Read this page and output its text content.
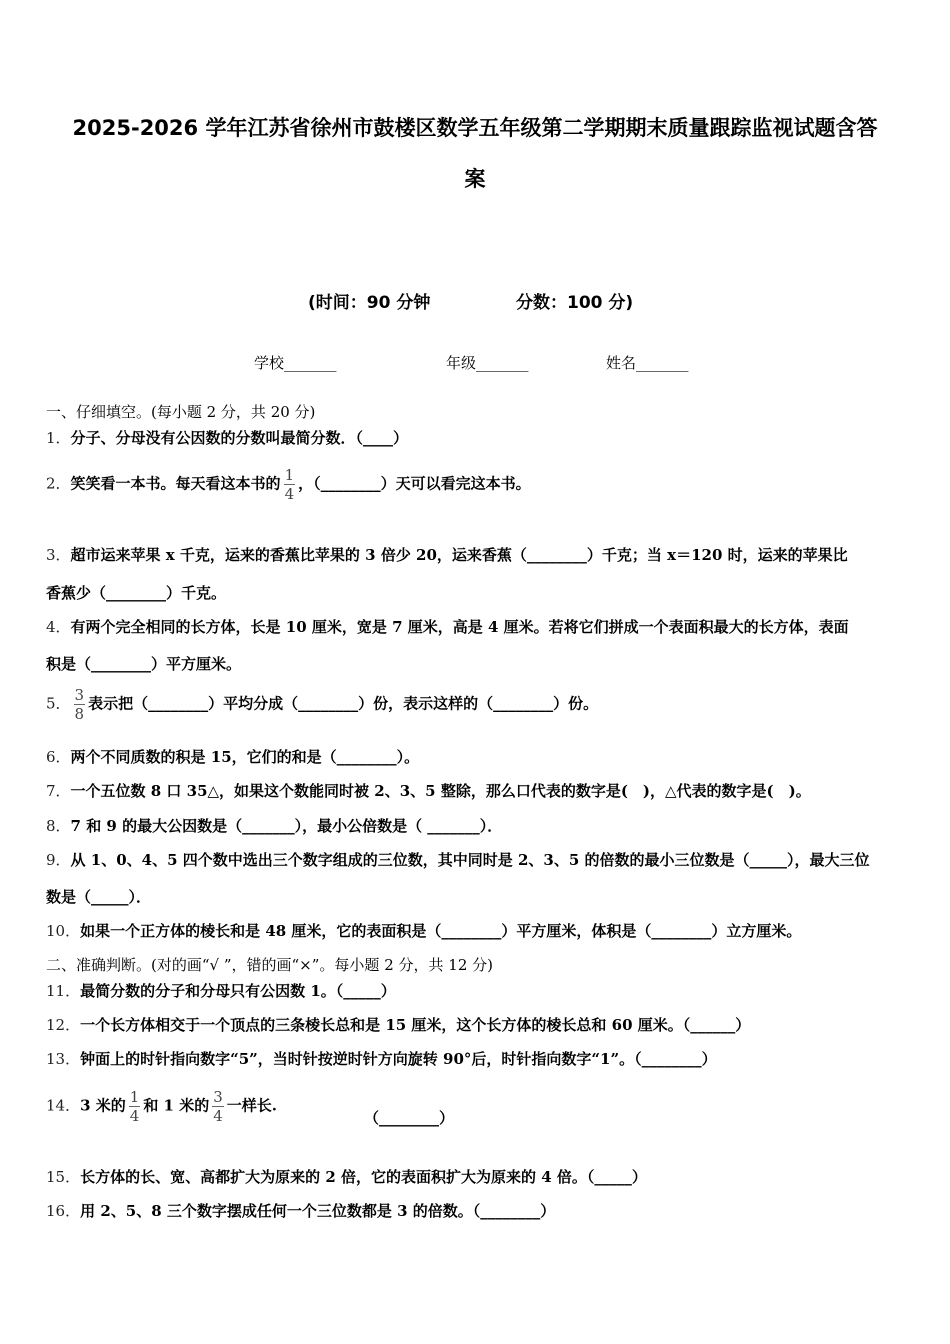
2025-2026 学年江苏省徐州市鼓楼区数学五年级第二学期期末质量跟踪监视试题含答
案
(时间：90 分钟	分数：100 分)
学校_______	年级_______	姓名_______
一、仔细填空。(每小题 2 分，共 20 分)
1．分子、分母没有公因数的分数叫最简分数．（____）
2．笑笑看一本书。每天看这本书的 $\frac{1}{4}$ ，（________）天可以看完这本书。
3．超市运来苹果 x 千克，运来的香蕉比苹果的 3 倍少 20，运来香蕉（________）千克；当 x＝120 时，运来的苹果比
香蕉少（________）千克。
4．有两个完全相同的长方体，长是 10 厘米，宽是 7 厘米，高是 4 厘米。若将它们拼成一个表面积最大的长方体，表面
积是（________）平方厘米。
5． $\frac{3}{8}$ 表示把（________）平均分成（________）份，表示这样的（________）份。
6．两个不同质数的积是 15，它们的和是（________）。
7．一个五位数 8 口 35△，如果这个数能同时被 2、3、5 整除，那么口代表的数字是(　)，△代表的数字是(　)。
8．7 和 9 的最大公因数是（_______），最小公倍数是（ _______）．
9．从 1、0、4、5 四个数中选出三个数字组成的三位数，其中同时是 2、3、5 的倍数的最小三位数是（_____），最大三位
数是（_____）．
10．如果一个正方体的棱长和是 48 厘米，它的表面积是（________）平方厘米，体积是（________）立方厘米。
二、准确判断。(对的画“√ ”，错的画“×”。每小题 2 分，共 12 分)
11．最简分数的分子和分母只有公因数 1。（_____）
12．一个长方体相交于一个顶点的三条棱长总和是 15 厘米，这个长方体的棱长总和 60 厘米。（______）
13．钟面上的时针指向数字“5”，当时针按逆时针方向旋转 90°后，时针指向数字“1”。（________）
14．3 米的 $\frac{1}{4}$ 和 1 米的 $\frac{3}{4}$ 一样长.
（________）
15．长方体的长、宽、高都扩大为原来的 2 倍，它的表面积扩大为原来的 4 倍。（_____）
16．用 2、5、8 三个数字摆成任何一个三位数都是 3 的倍数。（________）
